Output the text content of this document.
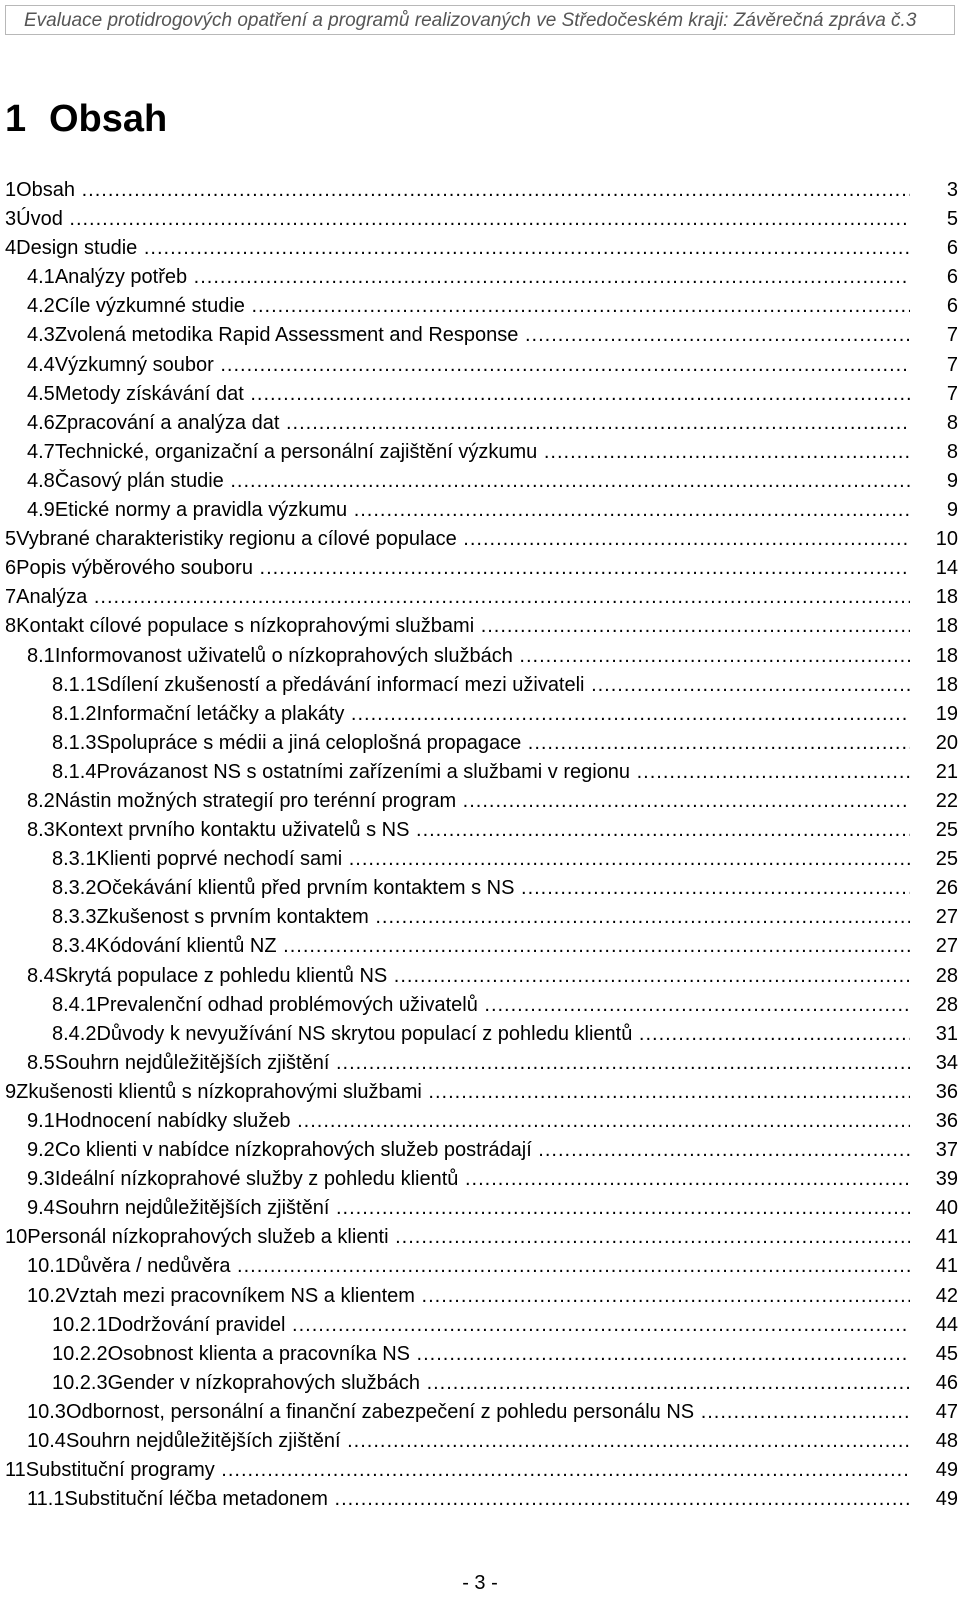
Evaluace protidrogových opatření a programů realizovaných ve Středočeském kraji: Závěrečná zpráva č.3
1 Obsah
1Obsah .....	3
3Úvod .....	5
4Design studie .....	6
4.1Analýzy potřeb .....	6
4.2Cíle výzkumné studie .....	6
4.3Zvolená metodika Rapid Assessment and Response .....	7
4.4Výzkumný soubor .....	7
4.5Metody získávání dat .....	7
4.6Zpracování a analýza dat .....	8
4.7Technické, organizační a personální zajištění výzkumu .....	8
4.8Časový plán studie .....	9
4.9Etické normy a pravidla výzkumu .....	9
5Vybrané charakteristiky regionu a cílové populace .....	10
6Popis výběrového souboru .....	14
7Analýza .....	18
8Kontakt cílové populace s nízkoprahovými službami .....	18
8.1Informovanost uživatelů o nízkoprahových službách .....	18
8.1.1Sdílení zkušeností a předávání informací mezi uživateli .....	18
8.1.2Informační letáčky a plakáty .....	19
8.1.3Spolupráce s médii a jiná celoplošná propagace .....	20
8.1.4Provázanost NS s ostatními zařízeními a službami v regionu .....	21
8.2Nástin možných strategií pro terénní program .....	22
8.3Kontext prvního kontaktu uživatelů s NS .....	25
8.3.1Klienti poprvé nechodí sami .....	25
8.3.2Očekávání klientů před prvním kontaktem s NS .....	26
8.3.3Zkušenost s prvním kontaktem .....	27
8.3.4Kódování klientů NZ .....	27
8.4Skrytá populace z pohledu klientů NS .....	28
8.4.1Prevalenční odhad problémových uživatelů .....	28
8.4.2Důvody k nevyužívání NS skrytou populací z pohledu klientů .....	31
8.5Souhrn nejdůležitějších zjištění .....	34
9Zkušenosti klientů s nízkoprahovými službami .....	36
9.1Hodnocení nabídky služeb .....	36
9.2Co klienti v nabídce nízkoprahových služeb postrádají .....	37
9.3Ideální nízkoprahové služby z pohledu klientů .....	39
9.4Souhrn nejdůležitějších zjištění .....	40
10Personál nízkoprahových služeb a klienti .....	41
10.1Důvěra / nedůvěra .....	41
10.2Vztah mezi pracovníkem NS a klientem .....	42
10.2.1Dodržování pravidel .....	44
10.2.2Osobnost klienta a pracovníka NS .....	45
10.2.3Gender v nízkoprahových službách .....	46
10.3Odbornost, personální a finanční zabezpečení z pohledu personálu NS .....	47
10.4Souhrn nejdůležitějších zjištění .....	48
11Substituční programy .....	49
11.1Substituční léčba metadonem .....	49
- 3 -
